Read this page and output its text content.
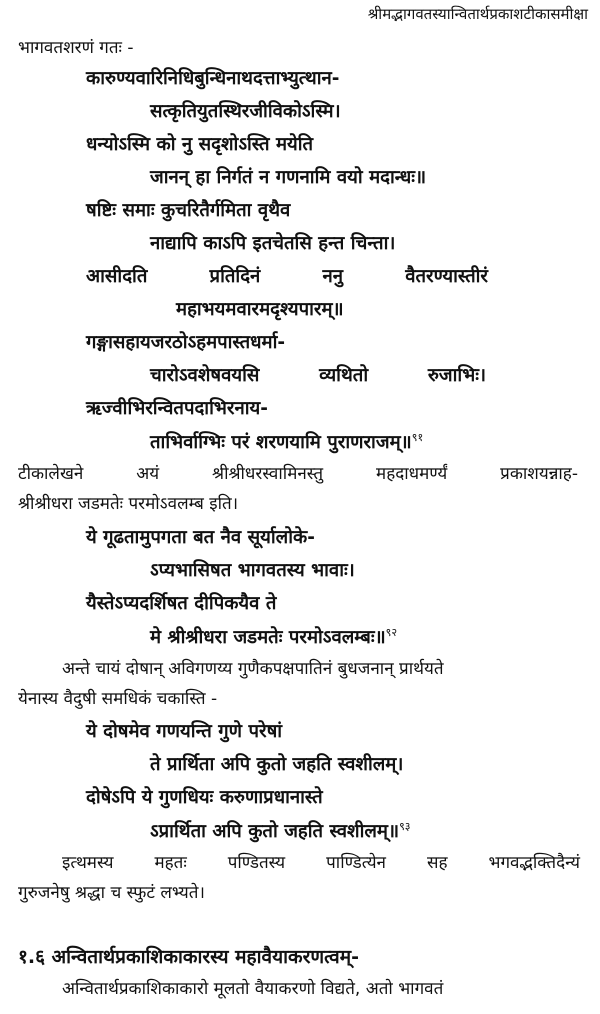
श्रीमद्भागवतस्यान्वितार्थप्रकाशटीकासमीक्षा
भागवतशरणं गतः -
कारुण्यवारिनिधिबुन्धिनाथदत्ताभ्युत्थान-
सत्कृतियुतस्थिरजीविकोऽस्मि।
धन्योऽस्मि को नु सदृशोऽस्ति मयेति
जानन् हा निर्गतं न गणनामि वयो मदान्धः॥
षष्टिः समाः कुचरितैर्गमिता वृथैव
नाद्यापि काऽपि इतचेतसि हन्त चिन्ता।
आसीदति	प्रतिदिनं	ननु	वैतरण्यास्तीरं
महाभयमवारमदृश्यपारम्॥
गङ्गासहायजरठोऽहमपास्तधर्मा-
चारोऽवशेषवयसि	व्यथितो	रुजाभिः।
ऋज्वीभिरन्वितपदाभिरनाय-
ताभिर्वाग्भिः परं शरणयामि पुराणराजम्॥$^{९१}$
टीकालेखने	अयं	श्रीश्रीधरस्वामिनस्तु	महदाधमर्ण्यं	प्रकाशयन्नाह-
श्रीश्रीधरा जडमतेः परमोऽवलम्ब इति।
ये गूढतामुपगता बत नैव सूर्यालोके-
ऽप्यभासिषत भागवतस्य भावाः।
यैस्तेऽप्यदर्शिषत दीपिकयैव ते
मे श्रीश्रीधरा जडमतेः परमोऽवलम्बः॥$^{९२}$
अन्ते चायं दोषान् अविगणय्य गुणैकपक्षपातिनं बुधजनान् प्रार्थयते
येनास्य वैदुषी समधिकं चकास्ति -
ये दोषमेव गणयन्ति गुणे परेषां
ते प्रार्थिता अपि कुतो जहति स्वशीलम्।
दोषेऽपि ये गुणधियः करुणाप्रधानास्ते
ऽप्रार्थिता अपि कुतो जहति स्वशीलम्॥$^{९३}$
इत्थमस्य महतः पण्डितस्य पाण्डित्येन सह भगवद्भक्तिदैन्यं
गुरुजनेषु श्रद्धा च स्फुटं लभ्यते।
१.६ अन्वितार्थप्रकाशिकाकारस्य महावैयाकरणत्वम्-
अन्वितार्थप्रकाशिकाकारो मूलतो वैयाकरणो विद्यते, अतो भागवतं
